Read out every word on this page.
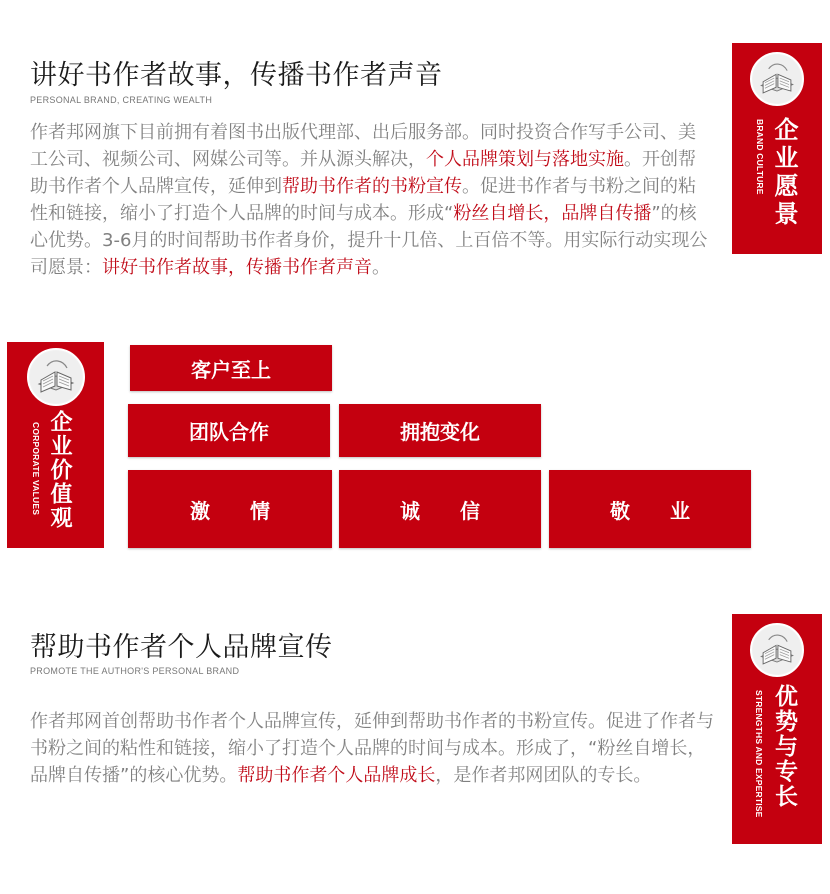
讲好书作者故事，传播书作者声音
PERSONAL BRAND, CREATING WEALTH

作者邦网旗下目前拥有着图书出版代理部、出后服务部。同时投资合作写手公司、美工公司、视频公司、网媒公司等。并从源头解决，个人品牌策划与落地实施。开创帮助书作者个人品牌宣传，延伸到帮助书作者的书粉宣传。促进书作者与书粉之间的粘性和链接，缩小了打造个人品牌的时间与成本。形成“粉丝自增长，品牌自传播”的核心优势。3-6月的时间帮助书作者身价，提升十几倍、上百倍不等。用实际行动实现公司愿景：讲好书作者故事，传播书作者声音。

BRAND CULTURE 企业愿景
CORPORATE VALUES 企业价值观
客户至上
团队合作	拥抱变化
激　　情	诚　　信	敬　　业
帮助书作者个人品牌宣传
PROMOTE THE AUTHOR'S PERSONAL BRAND

作者邦网首创帮助书作者个人品牌宣传，延伸到帮助书作者的书粉宣传。促进了作者与书粉之间的粘性和链接，缩小了打造个人品牌的时间与成本。形成了，“粉丝自增长，品牌自传播”的核心优势。帮助书作者个人品牌成长，是作者邦网团队的专长。	STRENGTHS AND EXPERTISE 优势与专长
